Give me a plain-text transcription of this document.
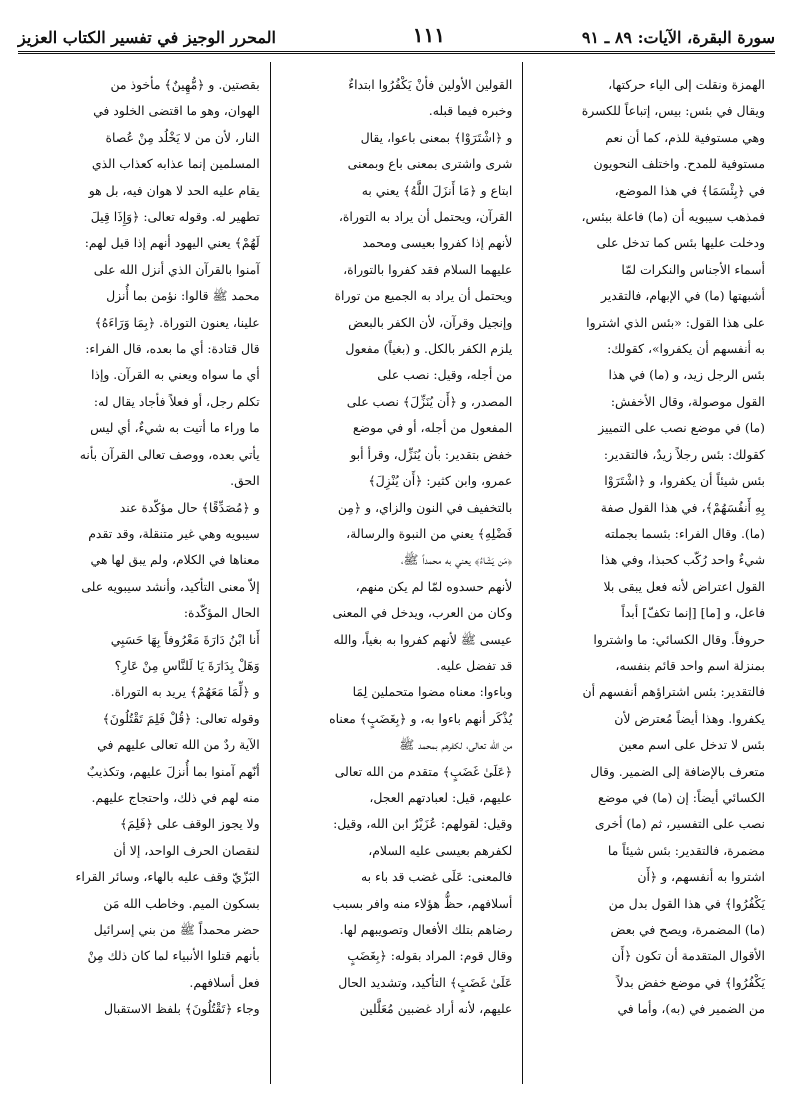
سورة البقرة، الآيات: ٨٩ ـ ٩١
١١١
المحرر الوجيز في تفسير الكتاب العزيز

الهمزة ونقلت إلى الياء حركتها،

ويقال في بئس: بيس، إتباعاً للكسرة

وهي مستوفية للذم، كما أن نعم

مستوفية للمدح. واختلف النحويون

في ﴿بِئْسَمَا﴾ في هذا الموضع،

فمذهب سيبويه أن (ما) فاعلة ببئس،

ودخلت عليها بئس كما تدخل على

أسماء الأجناس والنكرات لمّا

أشبهتها (ما) في الإبهام، فالتقدير

على هذا القول: «بئس الذي اشتروا

به أنفسهم أن يكفروا»، كقولك:

بئس الرجل زيد، و (ما) في هذا

القول موصولة، وقال الأخفش:

(ما) في موضع نصب على التمييز

كقولك: بئس رجلاً زيدٌ، فالتقدير:

بئس شيئاً أن يكفروا، و ﴿اشْتَرَوْا

بِهِ أَنفُسَهُمْ﴾، في هذا القول صفة

(ما). وقال الفراء: بئسما بجملته

شيءٌ واحد رُكّب كحبذا، وفي هذا

القول اعتراض لأنه فعل يبقى بلا

فاعل، و [ما] [إنما تكفّ] أبداً

حروفاً. وقال الكسائي: ما واشتروا

بمنزلة اسم واحد قائم بنفسه،

فالتقدير: بئس اشتراؤهم أنفسهم أن

يكفروا. وهذا أيضاً مُعترض لأن

بئس لا تدخل على اسم معين

متعرف بالإضافة إلى الضمير. وقال

الكسائي أيضاً: إن (ما) في موضع

نصب على التفسير، ثم (ما) أخرى

مضمرة، فالتقدير: بئس شيئاً ما

اشتروا به أنفسهم، و ﴿أَن

يَكْفُرُوا﴾ في هذا القول بدل من

(ما) المضمرة، ويصح في بعض

الأقوال المتقدمة أن تكون ﴿أَن

يَكْفُرُوا﴾ في موضع خفض بدلاً

من الضمير في (به)، وأما في

القولين الأولين فأنْ يَكْفُرُوا ابتداءٌ

وخبره فيما قبله.

و ﴿اشْتَرَوْا﴾ بمعنى باعوا، يقال

شرى واشترى بمعنى باع وبمعنى

ابتاع و ﴿مَا أَنزَلَ اللَّهُ﴾ يعني به

القرآن، ويحتمل أن يراد به التوراة،

لأنهم إذا كفروا بعيسى ومحمد

عليهما السلام فقد كفروا بالتوراة،

ويحتمل أن يراد به الجميع من توراة

وإنجيل وقرآن، لأن الكفر بالبعض

يلزم الكفر بالكل. و (بغياً) مفعول

من أجله، وقيل: نصب على

المصدر، و ﴿أَن يُنَزِّلَ﴾ نصب على

المفعول من أجله، أو في موضع

خفض بتقدير: بأن يُنَزِّل، وقرأ أبو

عمرو، وابن كثير: ﴿أَن يُنْزِلَ﴾

بالتخفيف في النون والزاي، و ﴿مِن

فَضْلِهِ﴾ يعني من النبوة والرسالة،

﴿مَن يَشَاءُ﴾ يعني به محمداً ﷺ،

لأنهم حسدوه لمّا لم يكن منهم،

وكان من العرب، ويدخل في المعنى

عيسى ﷺ لأنهم كفروا به بغياً، والله

قد تفضل عليه.

وباءوا: معناه مضوا متحملين لِمَا

يُذْكَر أنهم باءوا به، و ﴿بِغَضَبٍ﴾ معناه

من الله تعالى، لكفرهم بمحمد ﷺ

﴿عَلَىٰ غَضَبٍ﴾ متقدم من الله تعالى

عليهم، قيل: لعبادتهم العجل،

وقيل: لقولهم: عُزَيْرٌ ابن الله، وقيل:

لكفرهم بعيسى عليه السلام،

فالمعنى: عَلَى غضب قد باء به

أسلافهم، حظُّ هؤلاء منه وافر بسبب

رضاهم بتلك الأفعال وتصويبهم لها.

وقال قوم: المراد بقوله: ﴿بِغَضَبٍ

عَلَىٰ غَضَبٍ﴾ التأكيد، وتشديد الحال

عليهم، لأنه أراد غضبين مُعَلَّلين

بقصتين. و ﴿مُّهِينٌ﴾ مأخوذ من

الهوان، وهو ما اقتضى الخلود في

النار، لأن من لا يَخْلُد مِنْ عُصاة

المسلمين إنما عذابه كعذاب الذي

يقام عليه الحد لا هوان فيه، بل هو

تطهير له. وقوله تعالى: ﴿وَإِذَا قِيلَ

لَهُمْ﴾ يعني اليهود أنهم إذا قيل لهم:

آمنوا بالقرآن الذي أنزل الله على

محمد ﷺ قالوا: نؤمن بما أُنزل

علينا، يعنون التوراة. ﴿بِمَا وَرَاءَهُ﴾

قال قتادة: أي ما بعده، قال الفراء:

أي ما سواه ويعني به القرآن. وإذا

تكلم رجل، أو فعلاً فأجاد يقال له:

ما وراء ما أتيت به شيءٌ، أي ليس

يأتي بعده، ووصف تعالى القرآن بأنه

الحق.

و ﴿مُصَدِّقًا﴾ حال مؤكّدة عند

سيبويه وهي غير متنقلة، وقد تقدم

معناها في الكلام، ولم يبق لها هي

إلاّ معنى التأكيد، وأنشد سيبويه على

الحال المؤكّدة:

أَنا ابْنُ دَارَةَ مَعْرُوفاً بِهَا حَسَبِي

وَهَلْ بِدَارَةَ يَا لَلنَّاسِ مِنْ عَارِ؟

و ﴿لِّمَا مَعَهُمْ﴾ يريد به التوراة.

وقوله تعالى: ﴿قُلْ فَلِمَ تَقْتُلُونَ﴾

الآية ردٌ من الله تعالى عليهم في

أنّهم آمنوا بما أُنزلَ عليهم، وتكذيبٌ

منه لهم في ذلك، واحتجاج عليهم.

ولا يجوز الوقف على ﴿فَلِمَ﴾

لنقصان الحرف الواحد، إلا أن

البَزّيّ وقف عليه بالهاء، وسائر القراء

بسكون الميم. وخاطب الله مَن

حضر محمداً ﷺ من بني إسرائيل

بأنهم قتلوا الأنبياء لما كان ذلك مِنْ

فعل أسلافهم.

وجاء ﴿تَقْتُلُونَ﴾ بلفظ الاستقبال
